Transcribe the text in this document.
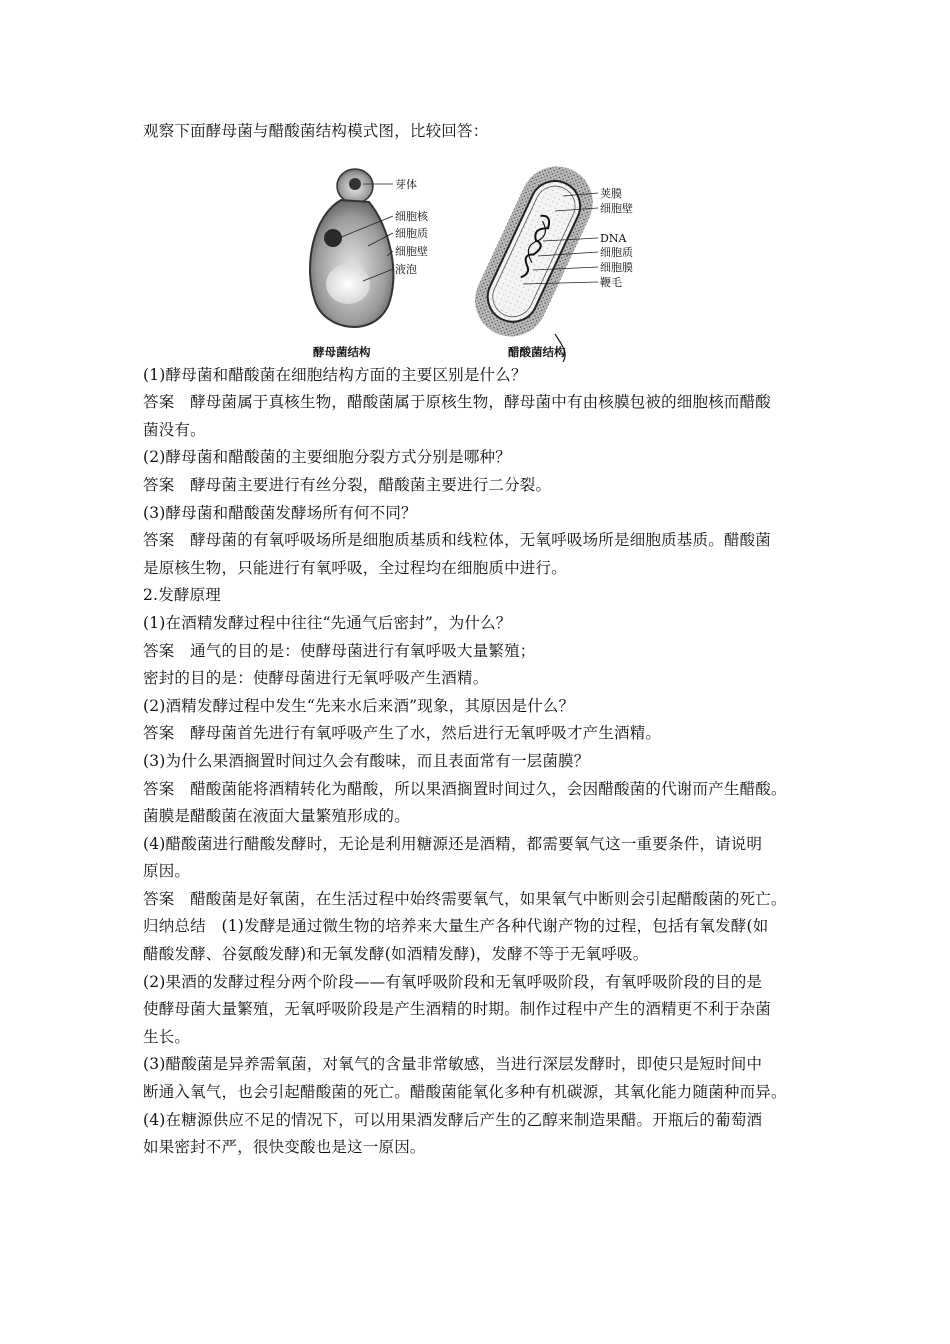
观察下面酵母菌与醋酸菌结构模式图，比较回答：
芽体
细胞核
细胞质
细胞壁
液泡
酵母菌结构
荚膜
细胞壁
DNA
细胞质
细胞膜
鞭毛
醋酸菌结构
(1)酵母菌和醋酸菌在细胞结构方面的主要区别是什么？
答案　酵母菌属于真核生物，醋酸菌属于原核生物，酵母菌中有由核膜包被的细胞核而醋酸
菌没有。
(2)酵母菌和醋酸菌的主要细胞分裂方式分别是哪种？
答案　酵母菌主要进行有丝分裂，醋酸菌主要进行二分裂。
(3)酵母菌和醋酸菌发酵场所有何不同？
答案　酵母菌的有氧呼吸场所是细胞质基质和线粒体，无氧呼吸场所是细胞质基质。醋酸菌
是原核生物，只能进行有氧呼吸，全过程均在细胞质中进行。
2.发酵原理
(1)在酒精发酵过程中往往“先通气后密封”，为什么？
答案　通气的目的是：使酵母菌进行有氧呼吸大量繁殖；
密封的目的是：使酵母菌进行无氧呼吸产生酒精。
(2)酒精发酵过程中发生“先来水后来酒”现象，其原因是什么？
答案　酵母菌首先进行有氧呼吸产生了水，然后进行无氧呼吸才产生酒精。
(3)为什么果酒搁置时间过久会有酸味，而且表面常有一层菌膜？
答案　醋酸菌能将酒精转化为醋酸，所以果酒搁置时间过久，会因醋酸菌的代谢而产生醋酸。
菌膜是醋酸菌在液面大量繁殖形成的。
(4)醋酸菌进行醋酸发酵时，无论是利用糖源还是酒精，都需要氧气这一重要条件，请说明
原因。
答案　醋酸菌是好氧菌，在生活过程中始终需要氧气，如果氧气中断则会引起醋酸菌的死亡。
归纳总结　(1)发酵是通过微生物的培养来大量生产各种代谢产物的过程，包括有氧发酵(如
醋酸发酵、谷氨酸发酵)和无氧发酵(如酒精发酵)，发酵不等于无氧呼吸。
(2)果酒的发酵过程分两个阶段——有氧呼吸阶段和无氧呼吸阶段，有氧呼吸阶段的目的是
使酵母菌大量繁殖，无氧呼吸阶段是产生酒精的时期。制作过程中产生的酒精更不利于杂菌
生长。
(3)醋酸菌是异养需氧菌，对氧气的含量非常敏感，当进行深层发酵时，即使只是短时间中
断通入氧气，也会引起醋酸菌的死亡。醋酸菌能氧化多种有机碳源，其氧化能力随菌种而异。
(4)在糖源供应不足的情况下，可以用果酒发酵后产生的乙醇来制造果醋。开瓶后的葡萄酒
如果密封不严，很快变酸也是这一原因。
